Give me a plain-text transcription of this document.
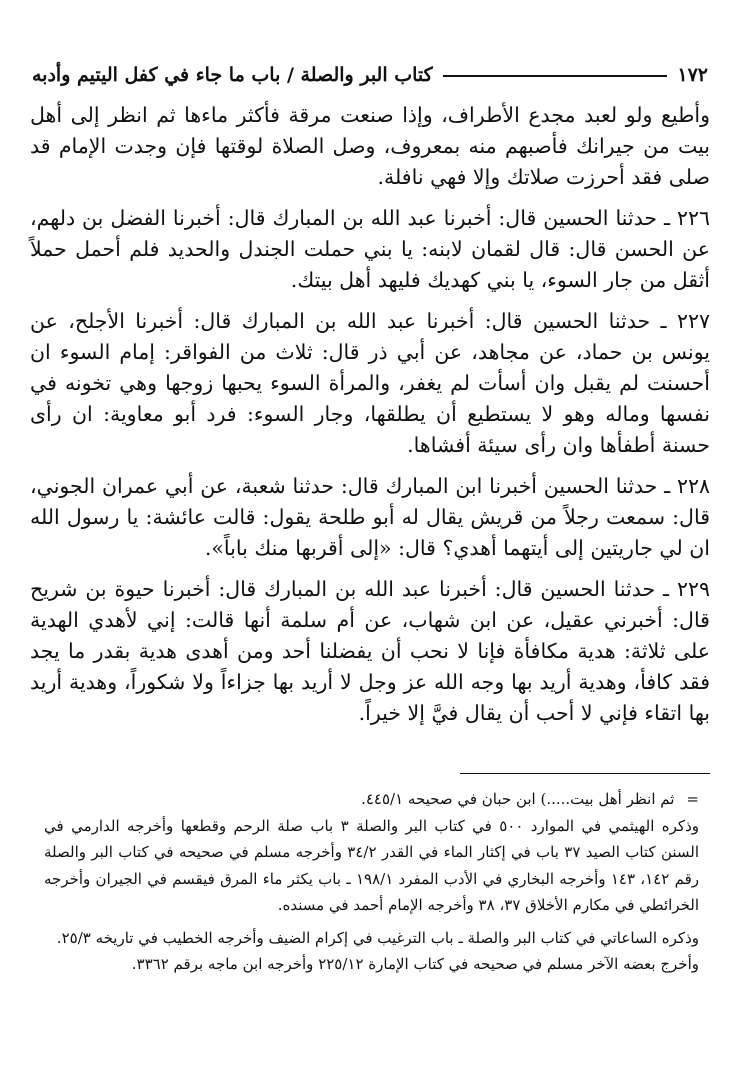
١٧٢
كتاب البر والصلة / باب ما جاء في كفل اليتيم وأدبه

وأطيع ولو لعبد مجدع الأطراف، وإذا صنعت مرقة فأكثر ماءها ثم انظر إلى أهل بيت من جيرانك فأصبهم منه بمعروف، وصل الصلاة لوقتها فإن وجدت الإمام قد صلى فقد أحرزت صلاتك وإلا فهي نافلة.

٢٢٦ ـ حدثنا الحسين قال: أخبرنا عبد الله بن المبارك قال: أخبرنا الفضل بن دلهم، عن الحسن قال: قال لقمان لابنه: يا بني حملت الجندل والحديد فلم أحمل حملاً أثقل من جار السوء، يا بني كهديك فليهد أهل بيتك.

٢٢٧ ـ حدثنا الحسين قال: أخبرنا عبد الله بن المبارك قال: أخبرنا الأجلح، عن يونس بن حماد، عن مجاهد، عن أبي ذر قال: ثلاث من الفواقر: إمام السوء ان أحسنت لم يقبل وان أسأت لم يغفر، والمرأة السوء يحبها زوجها وهي تخونه في نفسها وماله وهو لا يستطيع أن يطلقها، وجار السوء: فرد أبو معاوية: ان رأى حسنة أطفأها وان رأى سيئة أفشاها.

٢٢٨ ـ حدثنا الحسين أخبرنا ابن المبارك قال: حدثنا شعبة، عن أبي عمران الجوني، قال: سمعت رجلاً من قريش يقال له أبو طلحة يقول: قالت عائشة: يا رسول الله ان لي جاريتين إلى أيتهما أهدي؟ قال: «إلى أقربها منك باباً».

٢٢٩ ـ حدثنا الحسين قال: أخبرنا عبد الله بن المبارك قال: أخبرنا حيوة بن شريح قال: أخبرني عقيل، عن ابن شهاب، عن أم سلمة أنها قالت: إني لأهدي الهدية على ثلاثة: هدية مكافأة فإنا لا نحب أن يفضلنا أحد ومن أهدى هدية بقدر ما يجد فقد كافأ، وهدية أريد بها وجه الله عز وجل لا أريد بها جزاءاً ولا شكوراً، وهدية أريد بها اتقاء فإني لا أحب أن يقال فيَّ إلا خيراً.

=ثم انظر أهل بيت.....) ابن حبان في صحيحه ٤٤٥/١.

وذكره الهيثمي في الموارد ٥٠٠ في كتاب البر والصلة ٣ باب صلة الرحم وقطعها وأخرجه الدارمي في السنن كتاب الصيد ٣٧ باب في إكثار الماء في القدر ٣٤/٢ وأخرجه مسلم في صحيحه في كتاب البر والصلة رقم ١٤٢، ١٤٣ وأخرجه البخاري في الأدب المفرد ١٩٨/١ ـ باب يكثر ماء المرق فيقسم في الجيران وأخرجه الخرائطي في مكارم الأخلاق ٣٧، ٣٨ وأخرجه الإمام أحمد في مسنده.

وذكره الساعاتي في كتاب البر والصلة ـ باب الترغيب في إكرام الضيف وأخرجه الخطيب في تاريخه ٢٥/٣.

وأخرج بعضه الآخر مسلم في صحيحه في كتاب الإمارة ٢٢٥/١٢ وأخرجه ابن ماجه برقم ٣٣٦٢.
